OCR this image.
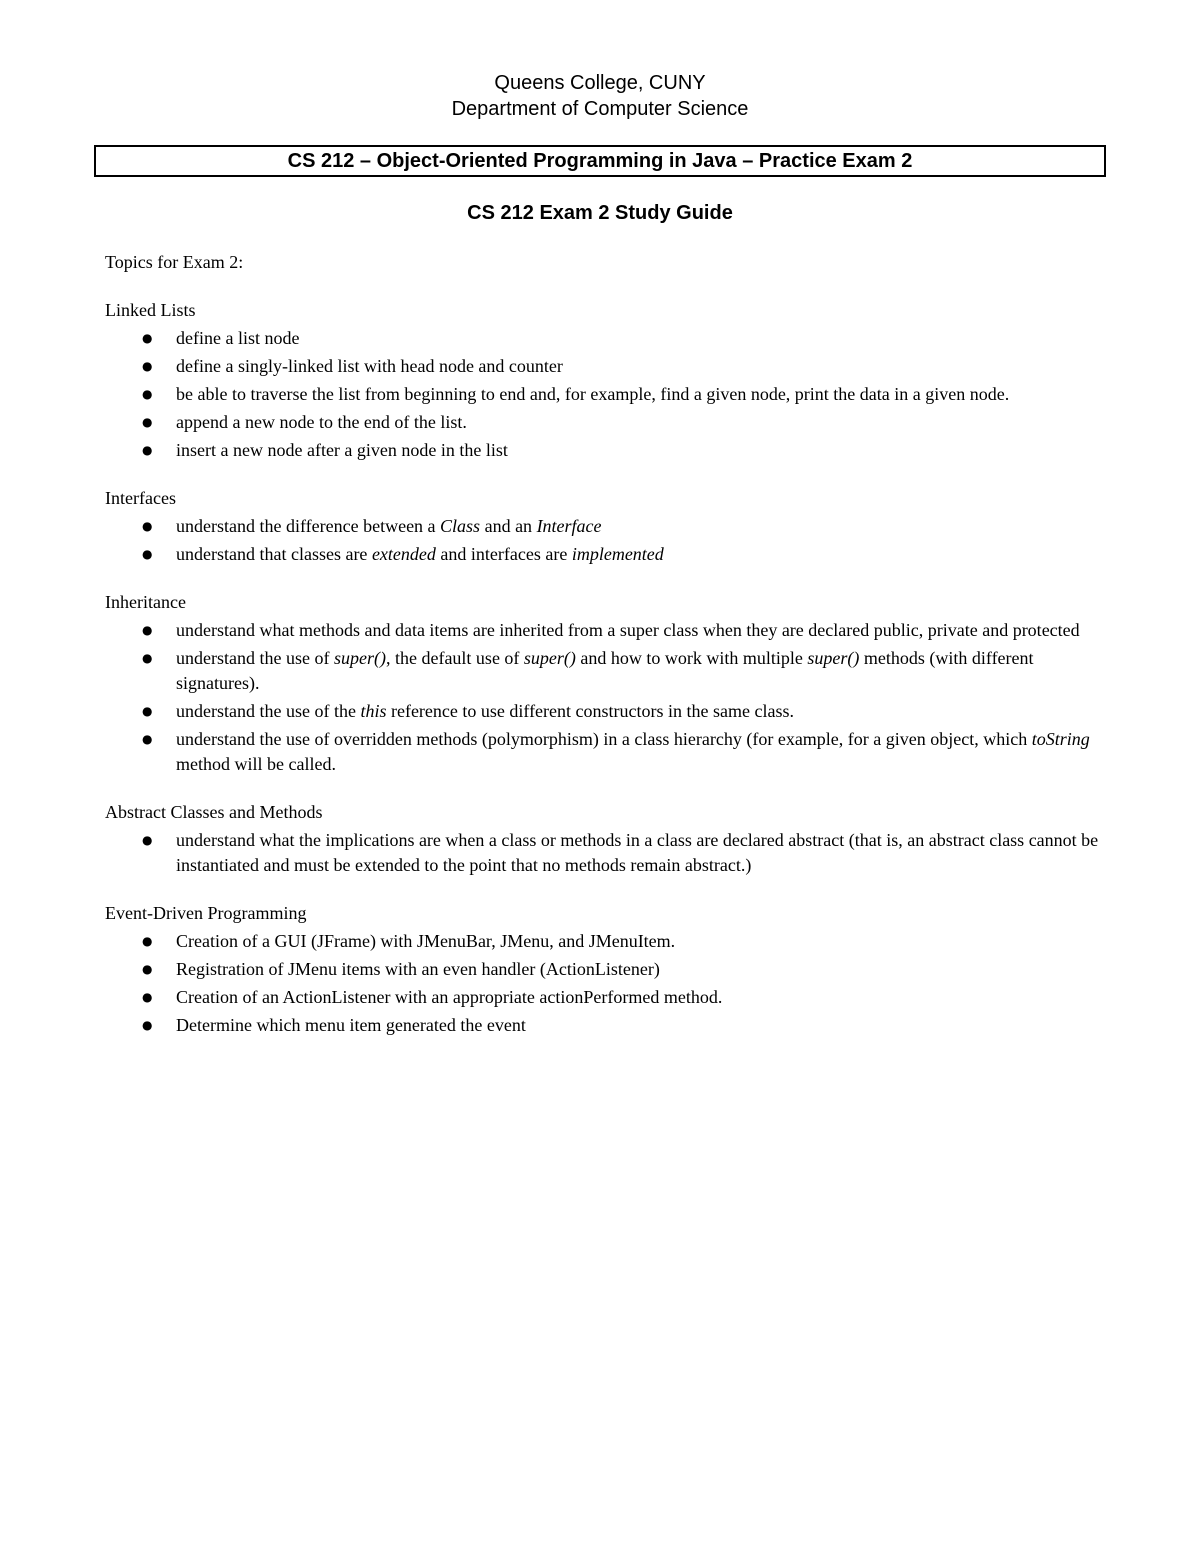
Queens College, CUNY
Department of Computer Science
CS 212 – Object-Oriented Programming in Java – Practice Exam 2
CS 212 Exam 2 Study Guide

Topics for Exam 2:

Linked Lists

● define a list node
● define a singly-linked list with head node and counter
● be able to traverse the list from beginning to end and, for example, find a given node, print the data in a given node.
● append a new node to the end of the list.
● insert a new node after a given node in the list

Interfaces

● understand the difference between a Class and an Interface
● understand that classes are extended and interfaces are implemented

Inheritance

● understand what methods and data items are inherited from a super class when they are declared public, private and protected
● understand the use of super(), the default use of super() and how to work with multiple super() methods (with different signatures).
● understand the use of the this reference to use different constructors in the same class.
● understand the use of overridden methods (polymorphism) in a class hierarchy (for example, for a given object, which toString method will be called.

Abstract Classes and Methods

● understand what the implications are when a class or methods in a class are declared abstract (that is, an abstract class cannot be instantiated and must be extended to the point that no methods remain abstract.)

Event-Driven Programming

● Creation of a GUI (JFrame) with JMenuBar, JMenu, and JMenuItem.
● Registration of JMenu items with an even handler (ActionListener)
● Creation of an ActionListener with an appropriate actionPerformed method.
● Determine which menu item generated the event
